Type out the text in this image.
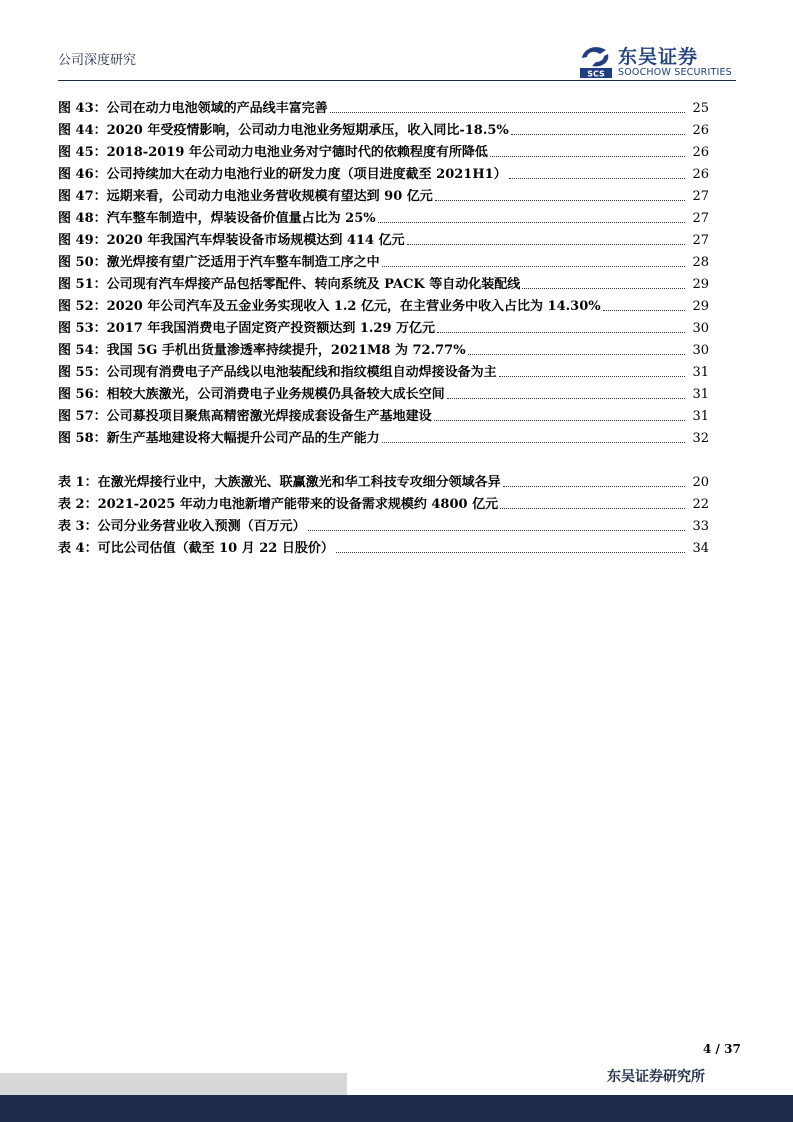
公司深度研究
SCS
东吴证券
SOOCHOW SECURITIES
图 43：公司在动力电池领域的产品线丰富完善	25
图 44：2020 年受疫情影响，公司动力电池业务短期承压，收入同比-18.5%	26
图 45：2018-2019 年公司动力电池业务对宁德时代的依赖程度有所降低	26
图 46：公司持续加大在动力电池行业的研发力度（项目进度截至 2021H1）	26
图 47：远期来看，公司动力电池业务营收规模有望达到 90 亿元	27
图 48：汽车整车制造中，焊装设备价值量占比为 25%	27
图 49：2020 年我国汽车焊装设备市场规模达到 414 亿元	27
图 50：激光焊接有望广泛适用于汽车整车制造工序之中	28
图 51：公司现有汽车焊接产品包括零配件、转向系统及 PACK 等自动化装配线	29
图 52：2020 年公司汽车及五金业务实现收入 1.2 亿元，在主营业务中收入占比为 14.30%	29
图 53：2017 年我国消费电子固定资产投资额达到 1.29 万亿元	30
图 54：我国 5G 手机出货量渗透率持续提升，2021M8 为 72.77%	30
图 55：公司现有消费电子产品线以电池装配线和指纹模组自动焊接设备为主	31
图 56：相较大族激光，公司消费电子业务规模仍具备较大成长空间	31
图 57：公司募投项目聚焦高精密激光焊接成套设备生产基地建设	31
图 58：新生产基地建设将大幅提升公司产品的生产能力	32
表 1：在激光焊接行业中，大族激光、联赢激光和华工科技专攻细分领域各异	20
表 2：2021-2025 年动力电池新增产能带来的设备需求规模约 4800 亿元	22
表 3：公司分业务营业收入预测（百万元）	33
表 4：可比公司估值（截至 10 月 22 日股价）	34
4 / 37
东吴证券研究所
